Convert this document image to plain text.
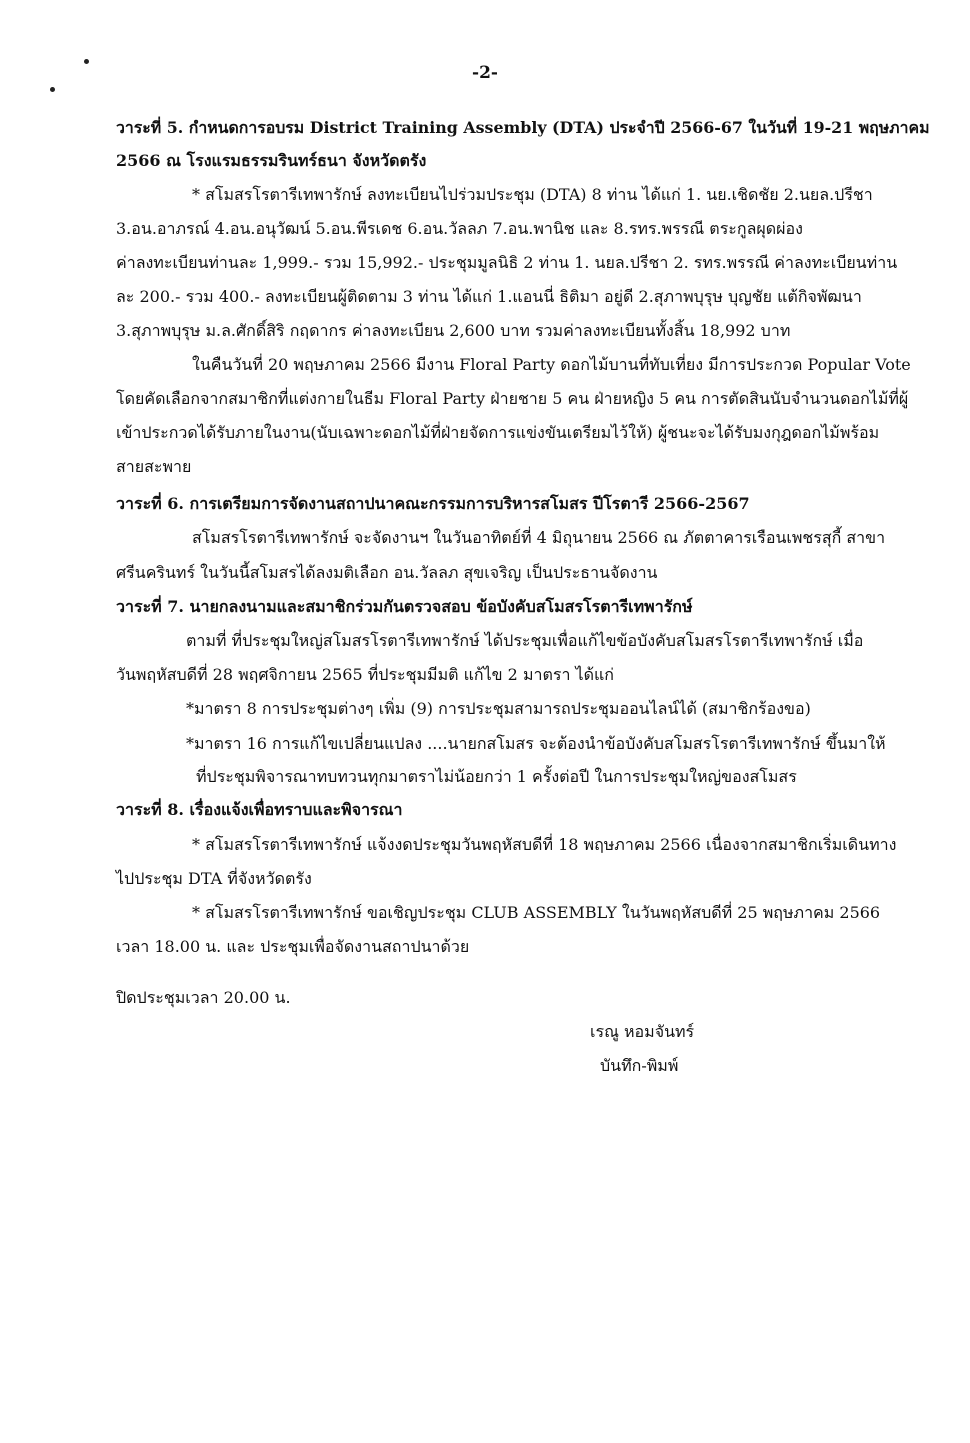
-2-
วาระที่ 5. กำหนดการอบรม District Training Assembly (DTA) ประจำปี 2566-67 ในวันที่ 19-21 พฤษภาคม
2566 ณ โรงแรมธรรมรินทร์ธนา จังหวัดตรัง
* สโมสรโรตารีเทพารักษ์ ลงทะเบียนไปร่วมประชุม (DTA) 8 ท่าน ได้แก่ 1. นย.เชิดชัย 2.นยล.ปรีชา
3.อน.อาภรณ์ 4.อน.อนุวัฒน์ 5.อน.พีรเดช 6.อน.วัลลภ 7.อน.พานิช และ 8.รทร.พรรณี ตระกูลผุดผ่อง
ค่าลงทะเบียนท่านละ 1,999.- รวม 15,992.- ประชุมมูลนิธิ 2 ท่าน 1. นยล.ปรีชา 2. รทร.พรรณี ค่าลงทะเบียนท่าน
ละ 200.- รวม 400.- ลงทะเบียนผู้ติดตาม 3 ท่าน ได้แก่ 1.แอนนี่ ธิติมา อยู่ดี 2.สุภาพบุรุษ บุญชัย แต้กิจพัฒนา
3.สุภาพบุรุษ ม.ล.ศักดิ์สิริ กฤดากร ค่าลงทะเบียน 2,600 บาท รวมค่าลงทะเบียนทั้งสิ้น 18,992 บาท
ในคืนวันที่ 20 พฤษภาคม 2566 มีงาน Floral Party ดอกไม้บานที่ทับเที่ยง มีการประกวด Popular Vote
โดยคัดเลือกจากสมาชิกที่แต่งกายในธีม Floral Party ฝ่ายชาย 5 คน ฝ่ายหญิง 5 คน การตัดสินนับจำนวนดอกไม้ที่ผู้
เข้าประกวดได้รับภายในงาน(นับเฉพาะดอกไม้ที่ฝ่ายจัดการแข่งขันเตรียมไว้ให้) ผู้ชนะจะได้รับมงกุฎดอกไม้พร้อม
สายสะพาย
วาระที่ 6. การเตรียมการจัดงานสถาปนาคณะกรรมการบริหารสโมสร ปีโรตารี 2566-2567
สโมสรโรตารีเทพารักษ์ จะจัดงานฯ ในวันอาทิตย์ที่ 4 มิถุนายน 2566 ณ ภัตตาคารเรือนเพชรสุกี้ สาขา
ศรีนครินทร์ ในวันนี้สโมสรได้ลงมติเลือก อน.วัลลภ สุขเจริญ เป็นประธานจัดงาน
วาระที่ 7. นายกลงนามและสมาชิกร่วมกันตรวจสอบ ข้อบังคับสโมสรโรตารีเทพารักษ์
ตามที่ ที่ประชุมใหญ่สโมสรโรตารีเทพารักษ์ ได้ประชุมเพื่อแก้ไขข้อบังคับสโมสรโรตารีเทพารักษ์ เมื่อ
วันพฤหัสบดีที่ 28 พฤศจิกายน 2565 ที่ประชุมมีมติ แก้ไข 2 มาตรา ได้แก่
*มาตรา 8 การประชุมต่างๆ เพิ่ม (9) การประชุมสามารถประชุมออนไลน์ได้ (สมาชิกร้องขอ)
*มาตรา 16 การแก้ไขเปลี่ยนแปลง ....นายกสโมสร จะต้องนำข้อบังคับสโมสรโรตารีเทพารักษ์ ขึ้นมาให้
ที่ประชุมพิจารณาทบทวนทุกมาตราไม่น้อยกว่า 1 ครั้งต่อปี ในการประชุมใหญ่ของสโมสร
วาระที่ 8. เรื่องแจ้งเพื่อทราบและพิจารณา
* สโมสรโรตารีเทพารักษ์ แจ้งงดประชุมวันพฤหัสบดีที่ 18 พฤษภาคม 2566 เนื่องจากสมาชิกเริ่มเดินทาง
ไปประชุม DTA ที่จังหวัดตรัง
* สโมสรโรตารีเทพารักษ์ ขอเชิญประชุม CLUB ASSEMBLY ในวันพฤหัสบดีที่ 25 พฤษภาคม 2566
เวลา 18.00 น. และ ประชุมเพื่อจัดงานสถาปนาด้วย
ปิดประชุมเวลา 20.00 น.
เรณู หอมจันทร์
บันทึก-พิมพ์
